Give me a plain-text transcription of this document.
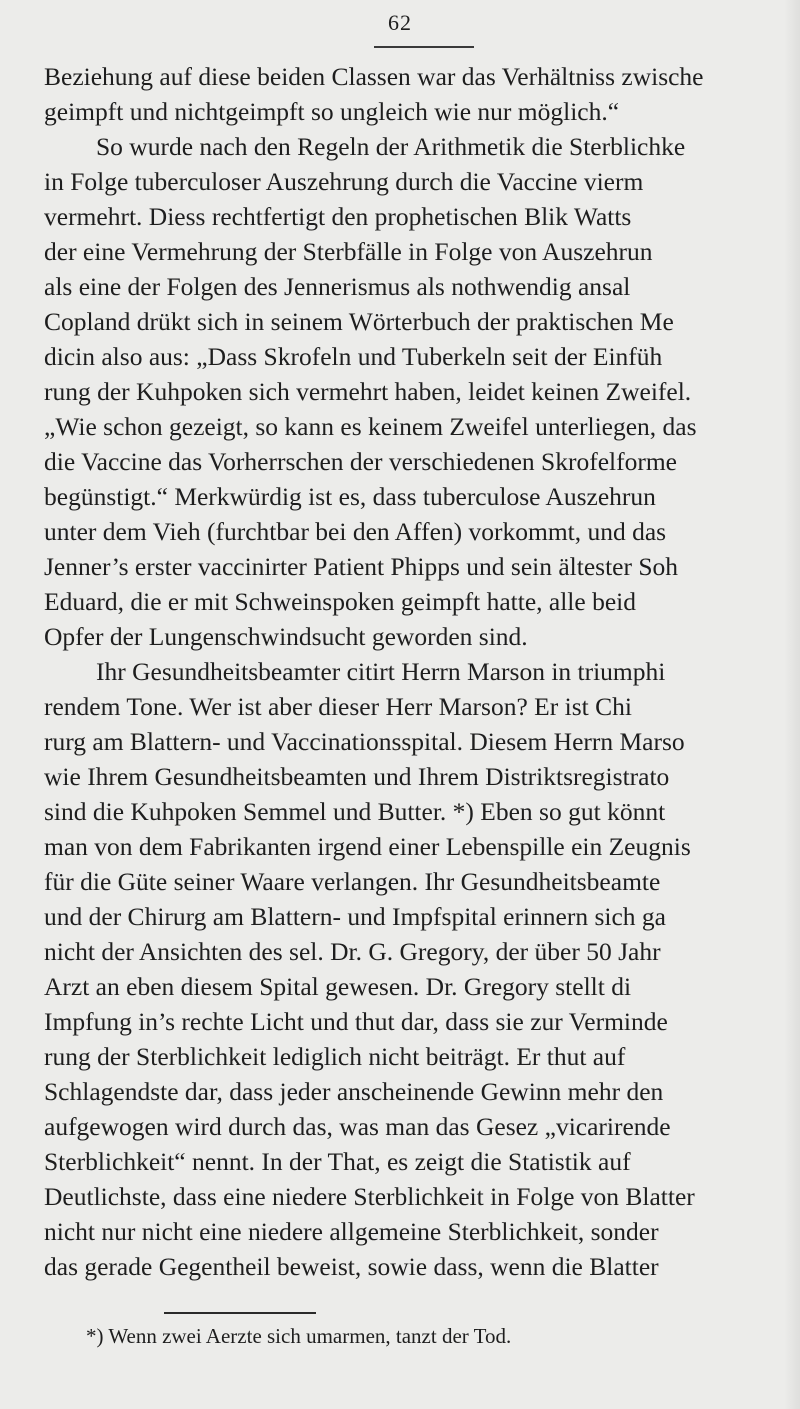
62
Beziehung auf diese beiden Classen war das Verhältniss zwische
geimpft und nichtgeimpft so ungleich wie nur möglich.“
So wurde nach den Regeln der Arithmetik die Sterblichke
in Folge tuberculoser Auszehrung durch die Vaccine vierm
vermehrt. Diess rechtfertigt den prophetischen Blik Watts
der eine Vermehrung der Sterbfälle in Folge von Auszehrun
als eine der Folgen des Jennerismus als nothwendig ansal
Copland drükt sich in seinem Wörterbuch der praktischen Me
dicin also aus: „Dass Skrofeln und Tuberkeln seit der Einfüh
rung der Kuhpoken sich vermehrt haben, leidet keinen Zweifel.
„Wie schon gezeigt, so kann es keinem Zweifel unterliegen, das
die Vaccine das Vorherrschen der verschiedenen Skrofelforme
begünstigt.“ Merkwürdig ist es, dass tuberculose Auszehrun
unter dem Vieh (furchtbar bei den Affen) vorkommt, und das
Jenner’s erster vaccinirter Patient Phipps und sein ältester Soh
Eduard, die er mit Schweinspoken geimpft hatte, alle beid
Opfer der Lungenschwindsucht geworden sind.
Ihr Gesundheitsbeamter citirt Herrn Marson in triumphi
rendem Tone. Wer ist aber dieser Herr Marson? Er ist Chi
rurg am Blattern- und Vaccinationsspital. Diesem Herrn Marso
wie Ihrem Gesundheitsbeamten und Ihrem Distriktsregistrato
sind die Kuhpoken Semmel und Butter. *) Eben so gut könnt
man von dem Fabrikanten irgend einer Lebenspille ein Zeugnis
für die Güte seiner Waare verlangen. Ihr Gesundheitsbeamte
und der Chirurg am Blattern- und Impfspital erinnern sich ga
nicht der Ansichten des sel. Dr. G. Gregory, der über 50 Jahr
Arzt an eben diesem Spital gewesen. Dr. Gregory stellt di
Impfung in’s rechte Licht und thut dar, dass sie zur Verminde
rung der Sterblichkeit lediglich nicht beiträgt. Er thut auf
Schlagendste dar, dass jeder anscheinende Gewinn mehr den
aufgewogen wird durch das, was man das Gesez „vicarirende
Sterblichkeit“ nennt. In der That, es zeigt die Statistik auf
Deutlichste, dass eine niedere Sterblichkeit in Folge von Blatter
nicht nur nicht eine niedere allgemeine Sterblichkeit, sonder
das gerade Gegentheil beweist, sowie dass, wenn die Blatter
*) Wenn zwei Aerzte sich umarmen, tanzt der Tod.
